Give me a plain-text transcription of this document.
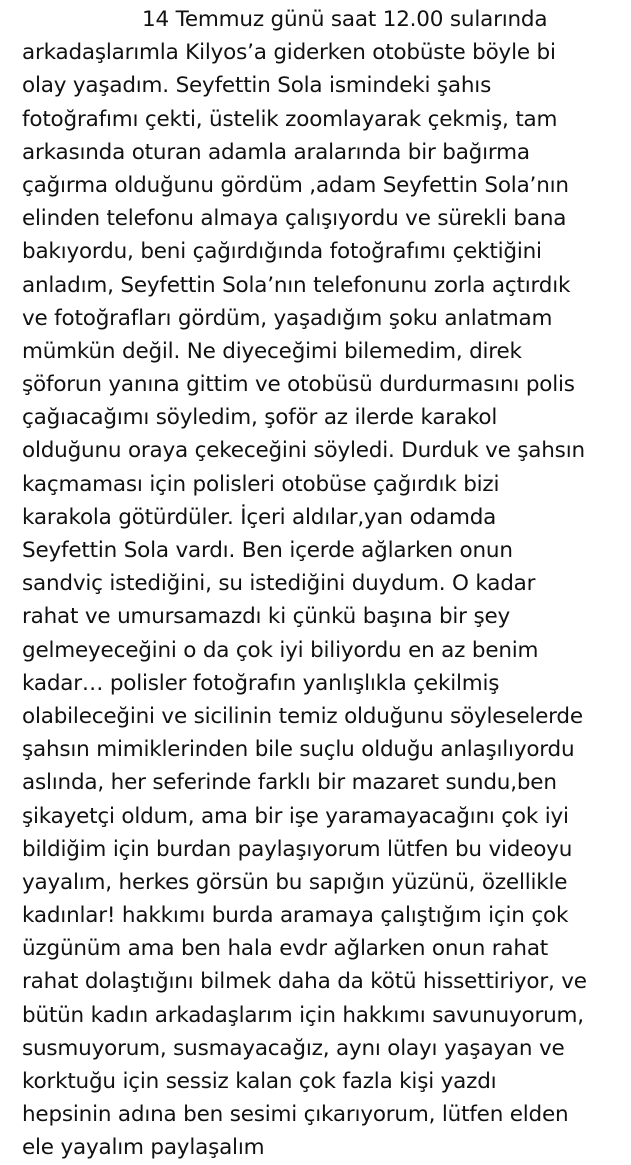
14 Temmuz günü saat 12.00 sularında
arkadaşlarımla Kilyos’a giderken otobüste böyle bi
olay yaşadım. Seyfettin Sola ismindeki şahıs
fotoğrafımı çekti, üstelik zoomlayarak çekmiş, tam
arkasında oturan adamla aralarında bir bağırma
çağırma olduğunu gördüm ,adam Seyfettin Sola’nın
elinden telefonu almaya çalışıyordu ve sürekli bana
bakıyordu, beni çağırdığında fotoğrafımı çektiğini
anladım, Seyfettin Sola’nın telefonunu zorla açtırdık
ve fotoğrafları gördüm, yaşadığım şoku anlatmam
mümkün değil. Ne diyeceğimi bilemedim, direk
şöforun yanına gittim ve otobüsü durdurmasını polis
çağıacağımı söyledim, şoför az ilerde karakol
olduğunu oraya çekeceğini söyledi. Durduk ve şahsın
kaçmaması için polisleri otobüse çağırdık bizi
karakola götürdüler. İçeri aldılar,yan odamda
Seyfettin Sola vardı. Ben içerde ağlarken onun
sandviç istediğini, su istediğini duydum. O kadar
rahat ve umursamazdı ki çünkü başına bir şey
gelmeyeceğini o da çok iyi biliyordu en az benim
kadar… polisler fotoğrafın yanlışlıkla çekilmiş
olabileceğini ve sicilinin temiz olduğunu söyleselerde
şahsın mimiklerinden bile suçlu olduğu anlaşılıyordu
aslında, her seferinde farklı bir mazaret sundu,ben
şikayetçi oldum, ama bir işe yaramayacağını çok iyi
bildiğim için burdan paylaşıyorum lütfen bu videoyu
yayalım, herkes görsün bu sapığın yüzünü, özellikle
kadınlar! hakkımı burda aramaya çalıştığım için çok
üzgünüm ama ben hala evdr ağlarken onun rahat
rahat dolaştığını bilmek daha da kötü hissettiriyor, ve
bütün kadın arkadaşlarım için hakkımı savunuyorum,
susmuyorum, susmayacağız, aynı olayı yaşayan ve
korktuğu için sessiz kalan çok fazla kişi yazdı
hepsinin adına ben sesimi çıkarıyorum, lütfen elden
ele yayalım paylaşalım
